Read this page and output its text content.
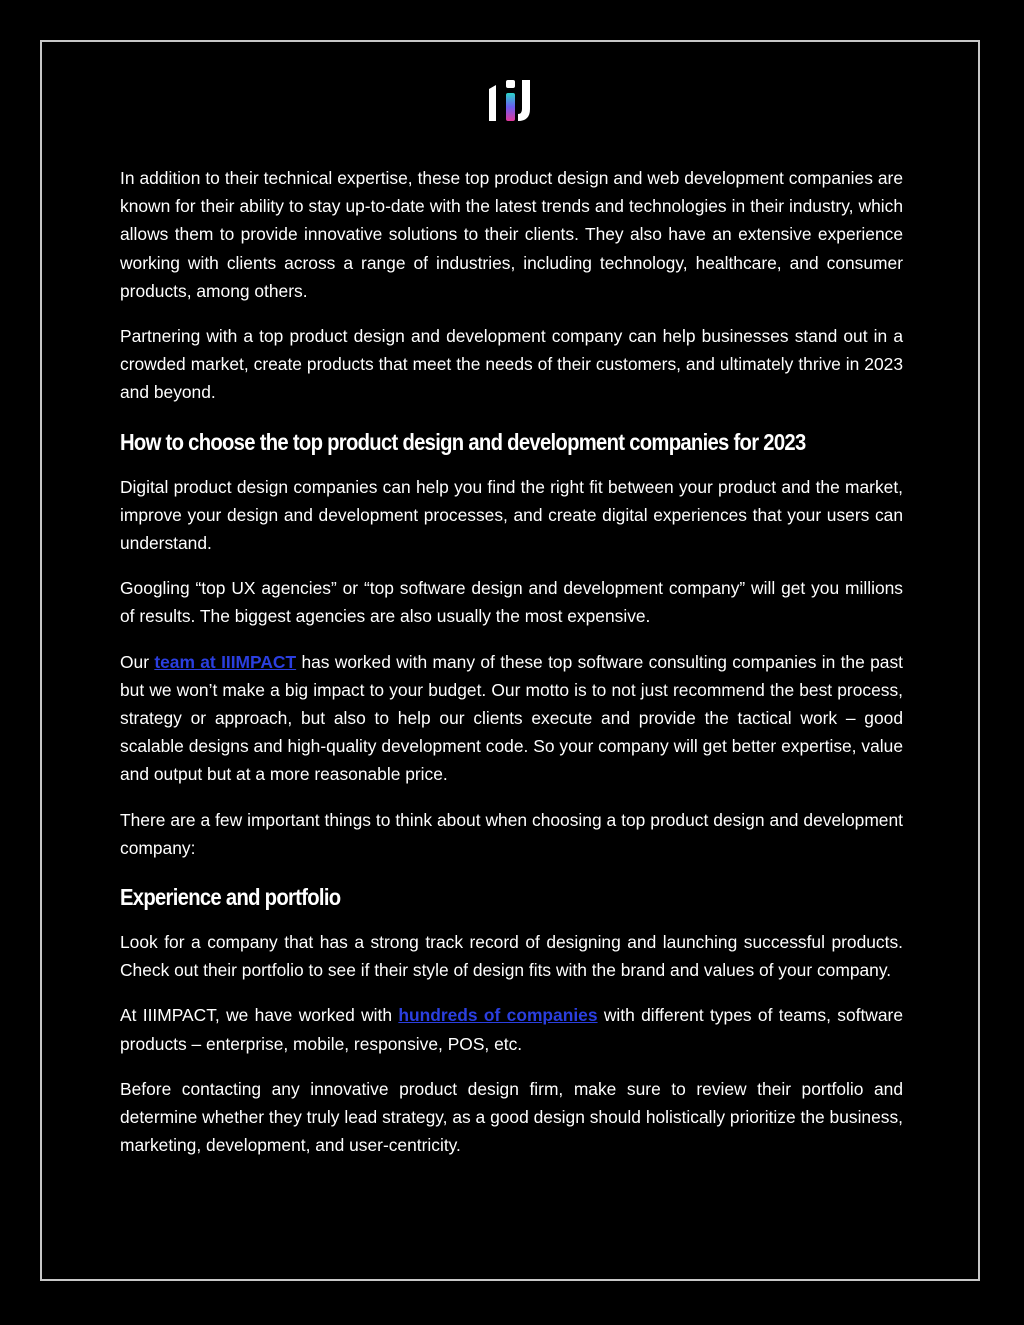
In addition to their technical expertise, these top product design and web development companies are known for their ability to stay up-to-date with the latest trends and technologies in their industry, which allows them to provide innovative solutions to their clients. They also have an extensive experience working with clients across a range of industries, including technology, healthcare, and consumer products, among others.

Partnering with a top product design and development company can help businesses stand out in a crowded market, create products that meet the needs of their customers, and ultimately thrive in 2023 and beyond.

How to choose the top product design and development companies for 2023

Digital product design companies can help you find the right fit between your product and the market, improve your design and development processes, and create digital experiences that your users can understand.

Googling “top UX agencies” or “top software design and development company” will get you millions of results. The biggest agencies are also usually the most expensive.

Our team at IIIMPACT has worked with many of these top software consulting companies in the past but we won’t make a big impact to your budget. Our motto is to not just recommend the best process, strategy or approach, but also to help our clients execute and provide the tactical work – good scalable designs and high-quality development code. So your company will get better expertise, value and output but at a more reasonable price.

There are a few important things to think about when choosing a top product design and development company:

Experience and portfolio

Look for a company that has a strong track record of designing and launching successful products. Check out their portfolio to see if their style of design fits with the brand and values of your company.

At IIIMPACT, we have worked with hundreds of companies with different types of teams, software products – enterprise, mobile, responsive, POS, etc.

Before contacting any innovative product design firm, make sure to review their portfolio and determine whether they truly lead strategy, as a good design should holistically prioritize the business, marketing, development, and user-centricity.
